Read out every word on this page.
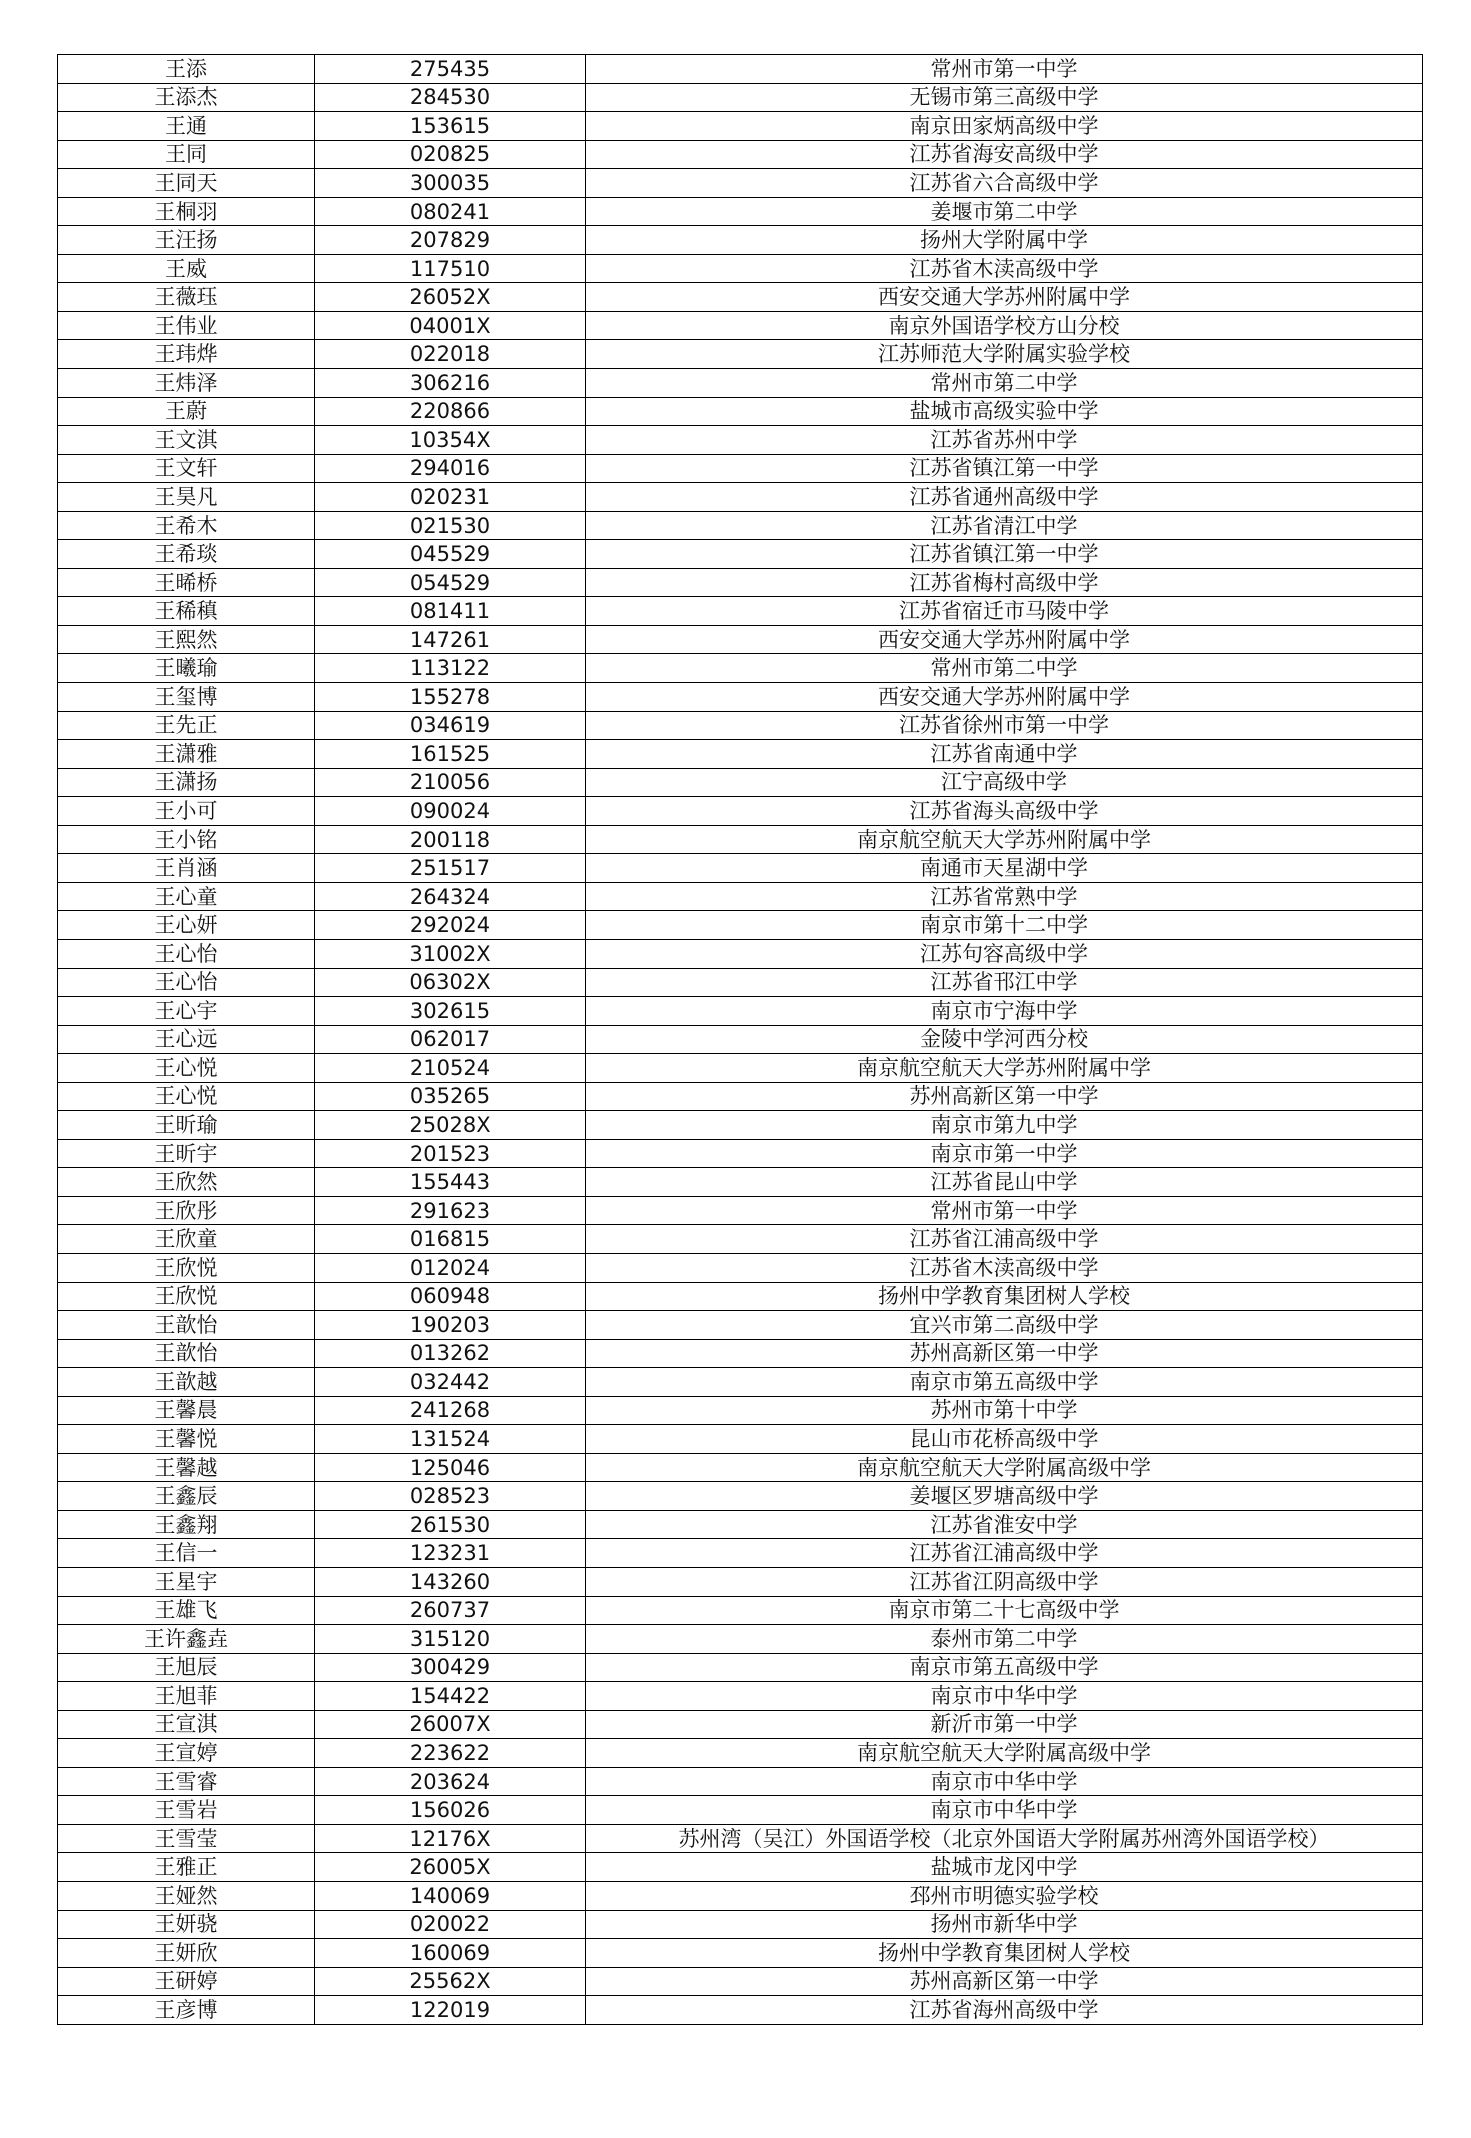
王添	275435	常州市第一中学
王添杰	284530	无锡市第三高级中学
王通	153615	南京田家炳高级中学
王同	020825	江苏省海安高级中学
王同天	300035	江苏省六合高级中学
王桐羽	080241	姜堰市第二中学
王汪扬	207829	扬州大学附属中学
王威	117510	江苏省木渎高级中学
王薇珏	26052X	西安交通大学苏州附属中学
王伟业	04001X	南京外国语学校方山分校
王玮烨	022018	江苏师范大学附属实验学校
王炜泽	306216	常州市第二中学
王蔚	220866	盐城市高级实验中学
王文淇	10354X	江苏省苏州中学
王文轩	294016	江苏省镇江第一中学
王昊凡	020231	江苏省通州高级中学
王希木	021530	江苏省清江中学
王希琰	045529	江苏省镇江第一中学
王晞桥	054529	江苏省梅村高级中学
王稀稹	081411	江苏省宿迁市马陵中学
王熙然	147261	西安交通大学苏州附属中学
王曦瑜	113122	常州市第二中学
王玺博	155278	西安交通大学苏州附属中学
王先正	034619	江苏省徐州市第一中学
王潇雅	161525	江苏省南通中学
王潇扬	210056	江宁高级中学
王小可	090024	江苏省海头高级中学
王小铭	200118	南京航空航天大学苏州附属中学
王肖涵	251517	南通市天星湖中学
王心童	264324	江苏省常熟中学
王心妍	292024	南京市第十二中学
王心怡	31002X	江苏句容高级中学
王心怡	06302X	江苏省邗江中学
王心宇	302615	南京市宁海中学
王心远	062017	金陵中学河西分校
王心悦	210524	南京航空航天大学苏州附属中学
王心悦	035265	苏州高新区第一中学
王昕瑜	25028X	南京市第九中学
王昕宇	201523	南京市第一中学
王欣然	155443	江苏省昆山中学
王欣彤	291623	常州市第一中学
王欣童	016815	江苏省江浦高级中学
王欣悦	012024	江苏省木渎高级中学
王欣悦	060948	扬州中学教育集团树人学校
王歆怡	190203	宜兴市第二高级中学
王歆怡	013262	苏州高新区第一中学
王歆越	032442	南京市第五高级中学
王馨晨	241268	苏州市第十中学
王馨悦	131524	昆山市花桥高级中学
王馨越	125046	南京航空航天大学附属高级中学
王鑫辰	028523	姜堰区罗塘高级中学
王鑫翔	261530	江苏省淮安中学
王信一	123231	江苏省江浦高级中学
王星宇	143260	江苏省江阴高级中学
王雄飞	260737	南京市第二十七高级中学
王许鑫垚	315120	泰州市第二中学
王旭辰	300429	南京市第五高级中学
王旭菲	154422	南京市中华中学
王宣淇	26007X	新沂市第一中学
王宣婷	223622	南京航空航天大学附属高级中学
王雪睿	203624	南京市中华中学
王雪岩	156026	南京市中华中学
王雪莹	12176X	苏州湾（吴江）外国语学校（北京外国语大学附属苏州湾外国语学校）
王雅正	26005X	盐城市龙冈中学
王娅然	140069	邳州市明德实验学校
王妍骁	020022	扬州市新华中学
王妍欣	160069	扬州中学教育集团树人学校
王研婷	25562X	苏州高新区第一中学
王彦博	122019	江苏省海州高级中学
